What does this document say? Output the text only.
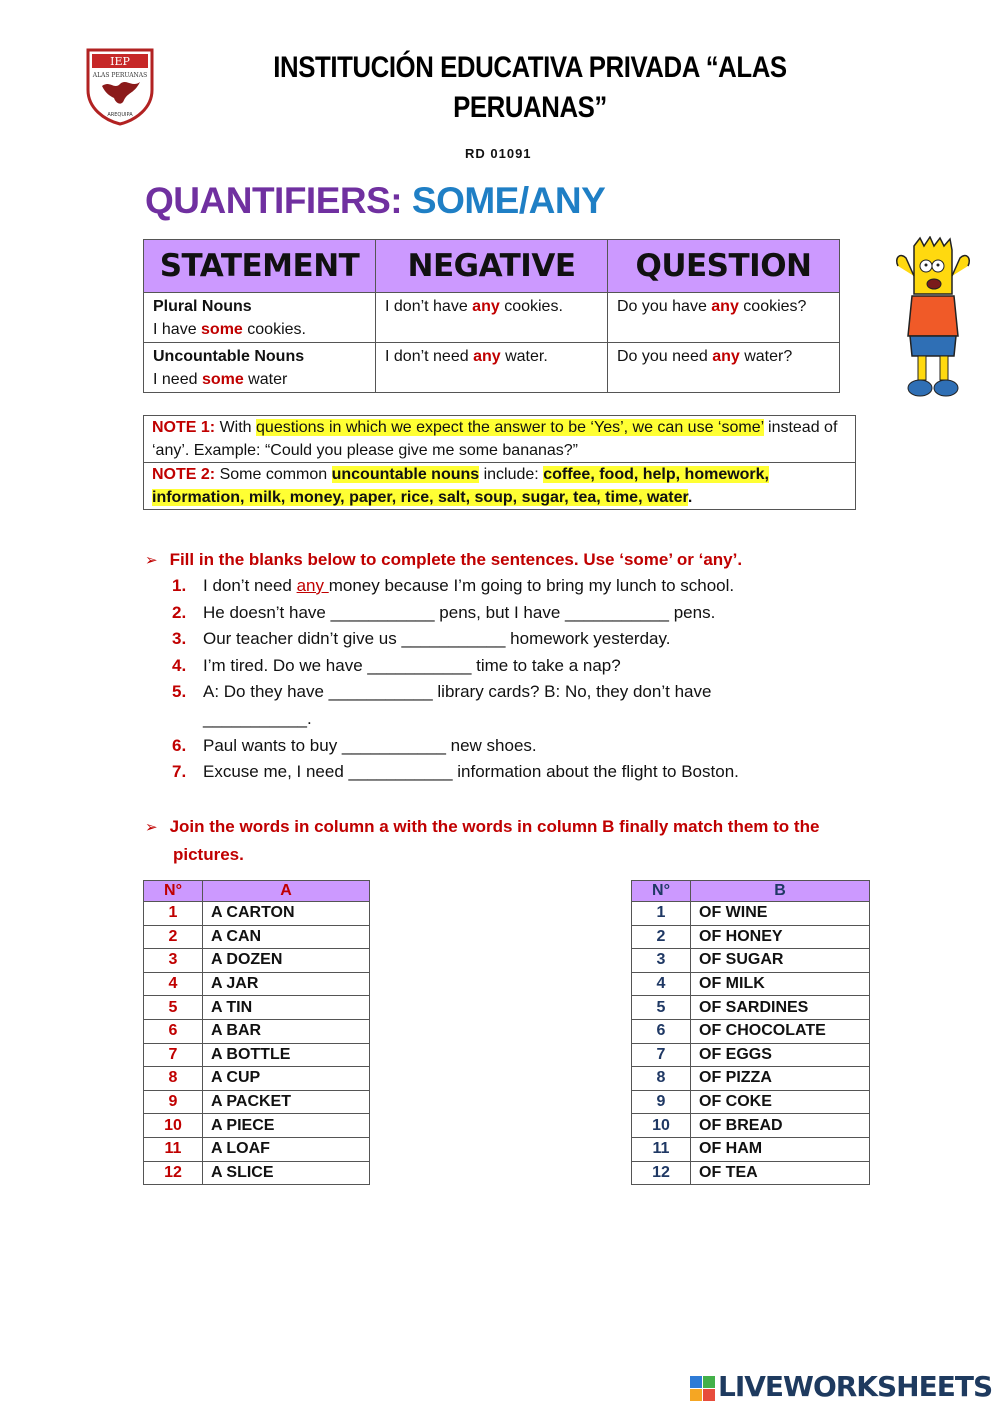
IEP
ALAS PERUANAS
AREQUIPA
INSTITUCIÓN EDUCATIVA PRIVADA “ALAS PERUANAS”
RD 01091
QUANTIFIERS: SOME/ANY
STATEMENT	NEGATIVE	QUESTION
Plural Nouns
I have some cookies.	I don’t have any cookies.	Do you have any cookies?
Uncountable Nouns
I need some water	I don’t need any water.	Do you need any water?
NOTE 1: With questions in which we expect the answer to be ‘Yes’, we can use ‘some’ instead of ‘any’. Example: “Could you please give me some bananas?”
NOTE 2: Some common uncountable nouns include: coffee, food, help, homework, information, milk, money, paper, rice, salt, soup, sugar, tea, time, water.
➢ Fill in the blanks below to complete the sentences. Use ‘some’ or ‘any’.
1. I don’t need any money because I’m going to bring my lunch to school.
2. He doesn’t have ___________ pens, but I have ___________ pens.
3. Our teacher didn’t give us ___________ homework yesterday.
4. I’m tired. Do we have ___________ time to take a nap?
5. A: Do they have ___________ library cards? B: No, they don’t have
___________.
6. Paul wants to buy ___________ new shoes.
7. Excuse me, I need ___________ information about the flight to Boston.
➢ Join the words in column a with the words in column B finally match them to the pictures.
N°	A
1	A CARTON
2	A CAN
3	A DOZEN
4	A JAR
5	A TIN
6	A BAR
7	A BOTTLE
8	A CUP
9	A PACKET
10	A PIECE
11	A LOAF
12	A SLICE
N°	B
1	OF WINE
2	OF HONEY
3	OF SUGAR
4	OF MILK
5	OF SARDINES
6	OF CHOCOLATE
7	OF EGGS
8	OF PIZZA
9	OF COKE
10	OF BREAD
11	OF HAM
12	OF TEA
LIVEWORKSHEETS
